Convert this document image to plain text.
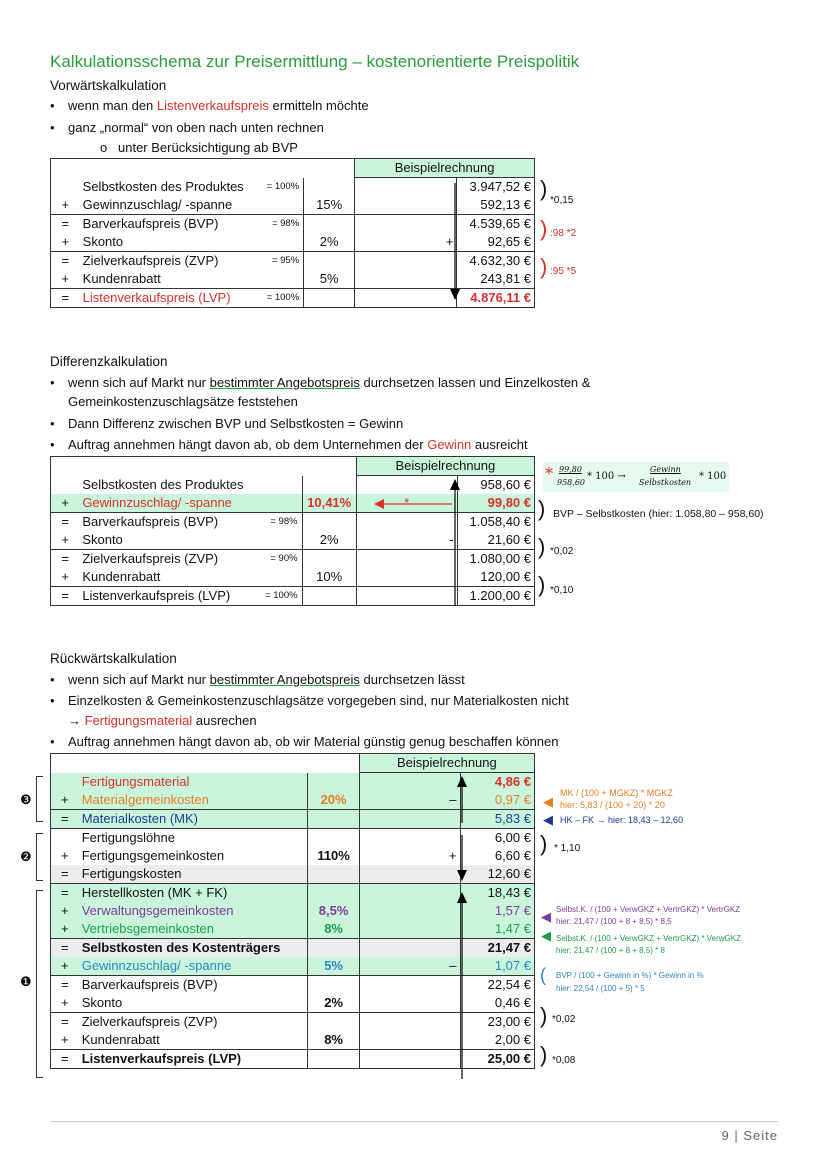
Kalkulationsschema zur Preisermittlung – kostenorientierte Preispolitik
Vorwärtskalkulation
• wenn man den Listenverkaufspreis ermitteln möchte
• ganz „normal“ von oben nach unten rechnen
o unter Berücksichtigung ab BVP
			Beispielrechnung	
	Selbstkosten des Produktes = 100%			3.947,52 €
+	Gewinnzuschlag/ -spanne	15%		592,13 €
=	Barverkaufspreis (BVP) = 98%			4.539,65 €
+	Skonto	2%	+	92,65 €
=	Zielverkaufspreis (ZVP) = 95%			4.632,30 €
+	Kundenrabatt	5%		243,81 €
=	Listenverkaufspreis (LVP) = 100%			4.876,11 €
) *0,15
) :98 *2
) :95 *5
Differenzkalkulation
• wenn sich auf Markt nur bestimmter Angebotspreis durchsetzen lassen und Einzelkosten &
Gemeinkostenzuschlagsätze feststehen
• Dann Differenz zwischen BVP und Selbstkosten = Gewinn
• Auftrag annehmen hängt davon ab, ob dem Unternehmen der Gewinn ausreicht
			Beispielrechnung	
	Selbstkosten des Produktes			958,60 €
+	Gewinnzuschlag/ -spanne	10,41%	*	99,80 €
=	Barverkaufspreis (BVP) = 98%			1.058,40 €
+	Skonto	2%	-	21,60 €
=	Zielverkaufspreis (ZVP) = 90%			1.080,00 €
+	Kundenrabatt	10%		120,00 €
=	Listenverkaufspreis (LVP) = 100%			1.200,00 €
* 99,80
958,60
* 100 →
Gewinn
Selbstkosten
* 100
) BVP – Selbstkosten (hier: 1.058,80 – 958,60)
) *0,02
) *0,10
Rückwärtskalkulation
• wenn sich auf Markt nur bestimmter Angebotspreis durchsetzen lässt
• Einzelkosten & Gemeinkostenzuschlagsätze vorgegeben sind, nur Materialkosten nicht
→ Fertigungsmaterial ausrechen
• Auftrag annehmen hängt davon ab, ob wir Material günstig genug beschaffen können
			Beispielrechnung	
	Fertigungsmaterial			4,86 €
+	Materialgemeinkosten	20%	–	0,97 €
=	Materialkosten (MK)			5,83 €
	Fertigungslöhne			6,00 €
+	Fertigungsgemeinkosten	110%	+	6,60 €
=	Fertigungskosten			12,60 €
=	Herstellkosten (MK + FK)			18,43 €
+	Verwaltungsgemeinkosten	8,5%		1,57 €
+	Vertriebsgemeinkosten	8%		1,47 €
=	Selbstkosten des Kostenträgers			21,47 €
+	Gewinnzuschlag/ -spanne	5%	–	1,07 €
=	Barverkaufspreis (BVP)			22,54 €
+	Skonto	2%		0,46 €
=	Zielverkaufspreis (ZVP)			23,00 €
+	Kundenrabatt	8%		2,00 €
=	Listenverkaufspreis (LVP)			25,00 €
❸
❷
❶
◀
MK / (100 + MGKZ) * MGKZ
hier: 5,83 / (100 + 20) * 20
◀ HK – FK → hier: 18,43 – 12,60
) * 1,10
◀ Selbst.K. / (100 + VerwGKZ + VertrGKZ) * VertrGKZ
hier: 21,47 / (100 + 8 + 8,5) * 8,5
◀ Selbst.K. / (100 + VerwGKZ + VertrGKZ) * VerwGKZ
hier: 21,47 / (100 + 8 + 8,5) * 8
( BVP / (100 + Gewinn in %) * Gewinn in %
hier: 22,54 / (100 + 5) * 5
) *0,02
) *0,08
9 | Seite
